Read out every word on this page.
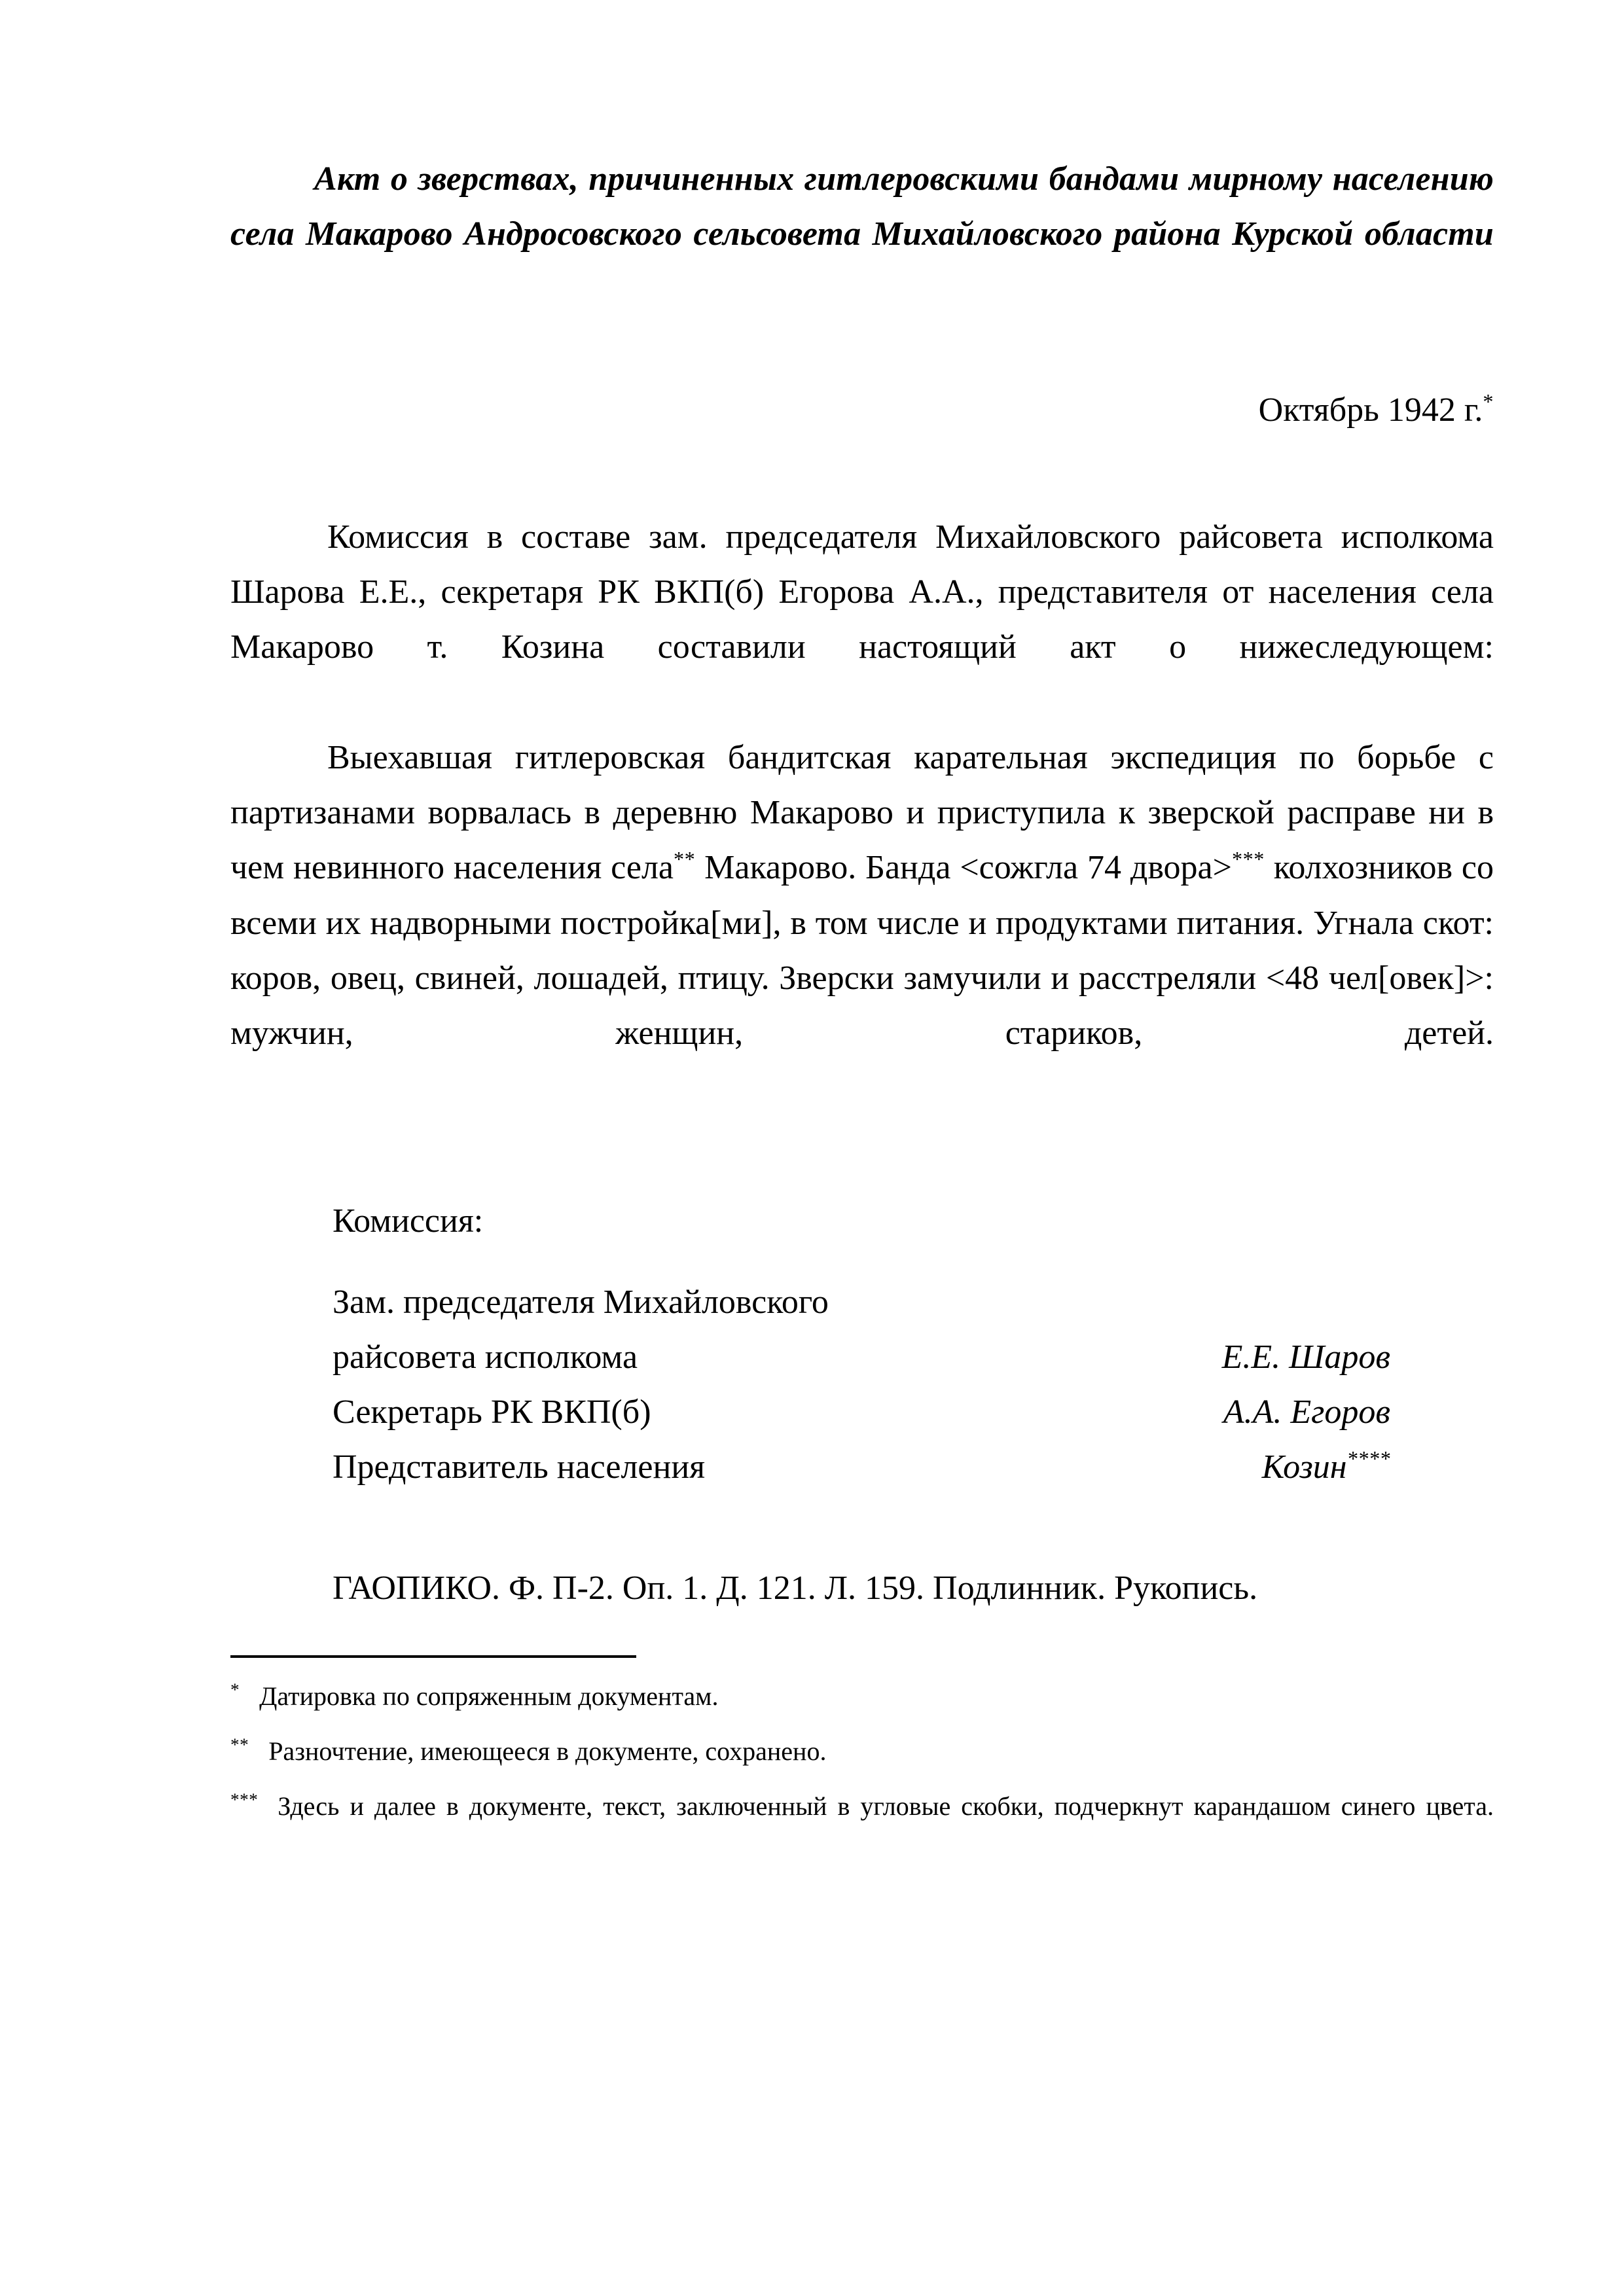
Акт о зверствах, причиненных гитлеровскими бандами мирному населению села Макарово Андросовского сельсовета Михайловского района Курской области

Октябрь 1942 г.*

Комиссия в составе зам. председателя Михайловского райсовета исполкома Шарова Е.Е., секретаря РК ВКП(б) Егорова А.А., представителя от населения села Макарово т. Козина составили настоящий акт о нижеследующем:

Выехавшая гитлеровская бандитская карательная экспедиция по борьбе с партизанами ворвалась в деревню Макарово и приступила к зверской расправе ни в чем невинного населения села** Макарово. Банда <сожгла 74 двора>*** колхозников со всеми их надворными постройка[ми], в том числе и продуктами питания. Угнала скот: коров, овец, свиней, лошадей, птицу. Зверски замучили и расстреляли <48 чел[овек]>: мужчин, женщин, стариков, детей.

Комиссия:

Зам. председателя Михайловского

райсовета исполкома	Е.Е. Шаров
Секретарь РК ВКП(б)	А.А. Егоров
Представитель населения	Козин****

ГАОПИКО. Ф. П-2. Оп. 1. Д. 121. Л. 159. Подлинник. Рукопись.

* Датировка по сопряженным документам.

** Разночтение, имеющееся в документе, сохранено.

*** Здесь и далее в документе, текст, заключенный в угловые скобки, подчеркнут карандашом синего цвета.
